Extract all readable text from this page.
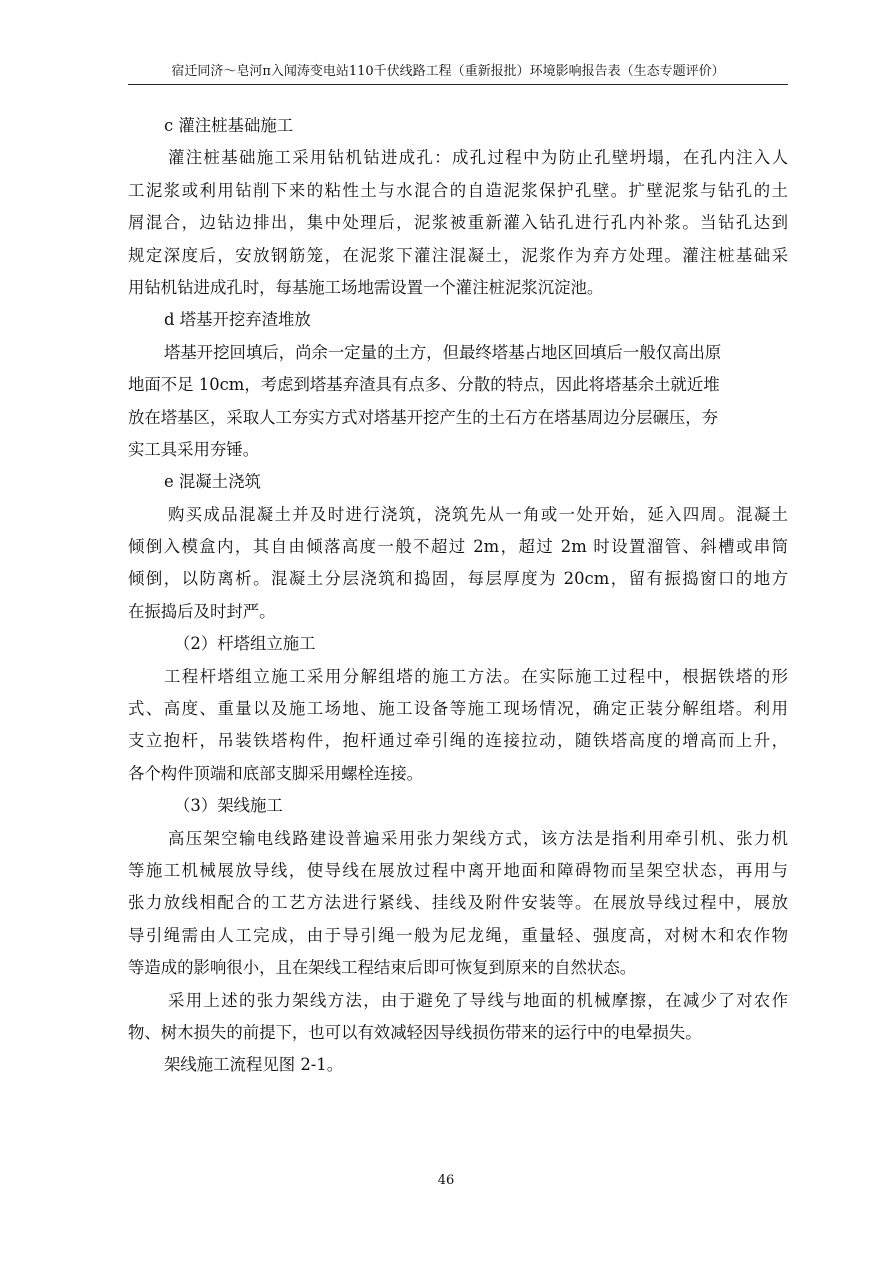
宿迁同济～皂河π入闻涛变电站110千伏线路工程（重新报批）环境影响报告表（生态专题评价）
c 灌注桩基础施工
灌注桩基础施工采用钻机钻进成孔：成孔过程中为防止孔壁坍塌，在孔内注入人
工泥浆或利用钻削下来的粘性土与水混合的自造泥浆保护孔壁。扩壁泥浆与钻孔的土
屑混合，边钻边排出，集中处理后，泥浆被重新灌入钻孔进行孔内补浆。当钻孔达到
规定深度后，安放钢筋笼，在泥浆下灌注混凝土，泥浆作为弃方处理。灌注桩基础采
用钻机钻进成孔时，每基施工场地需设置一个灌注桩泥浆沉淀池。
d 塔基开挖弃渣堆放
塔基开挖回填后，尚余一定量的土方，但最终塔基占地区回填后一般仅高出原
地面不足 10cm，考虑到塔基弃渣具有点多、分散的特点，因此将塔基余土就近堆
放在塔基区，采取人工夯实方式对塔基开挖产生的土石方在塔基周边分层碾压，夯
实工具采用夯锤。
e 混凝土浇筑
购买成品混凝土并及时进行浇筑，浇筑先从一角或一处开始，延入四周。混凝土
倾倒入模盒内，其自由倾落高度一般不超过 2m，超过 2m 时设置溜管、斜槽或串筒
倾倒，以防离析。混凝土分层浇筑和捣固，每层厚度为 20cm，留有振捣窗口的地方
在振捣后及时封严。
（2）杆塔组立施工
工程杆塔组立施工采用分解组塔的施工方法。在实际施工过程中，根据铁塔的形
式、高度、重量以及施工场地、施工设备等施工现场情况，确定正装分解组塔。利用
支立抱杆，吊装铁塔构件，抱杆通过牵引绳的连接拉动，随铁塔高度的增高而上升，
各个构件顶端和底部支脚采用螺栓连接。
（3）架线施工
高压架空输电线路建设普遍采用张力架线方式，该方法是指利用牵引机、张力机
等施工机械展放导线，使导线在展放过程中离开地面和障碍物而呈架空状态，再用与
张力放线相配合的工艺方法进行紧线、挂线及附件安装等。在展放导线过程中，展放
导引绳需由人工完成，由于导引绳一般为尼龙绳，重量轻、强度高，对树木和农作物
等造成的影响很小，且在架线工程结束后即可恢复到原来的自然状态。
采用上述的张力架线方法，由于避免了导线与地面的机械摩擦，在减少了对农作
物、树木损失的前提下，也可以有效减轻因导线损伤带来的运行中的电晕损失。
架线施工流程见图 2-1。
46
